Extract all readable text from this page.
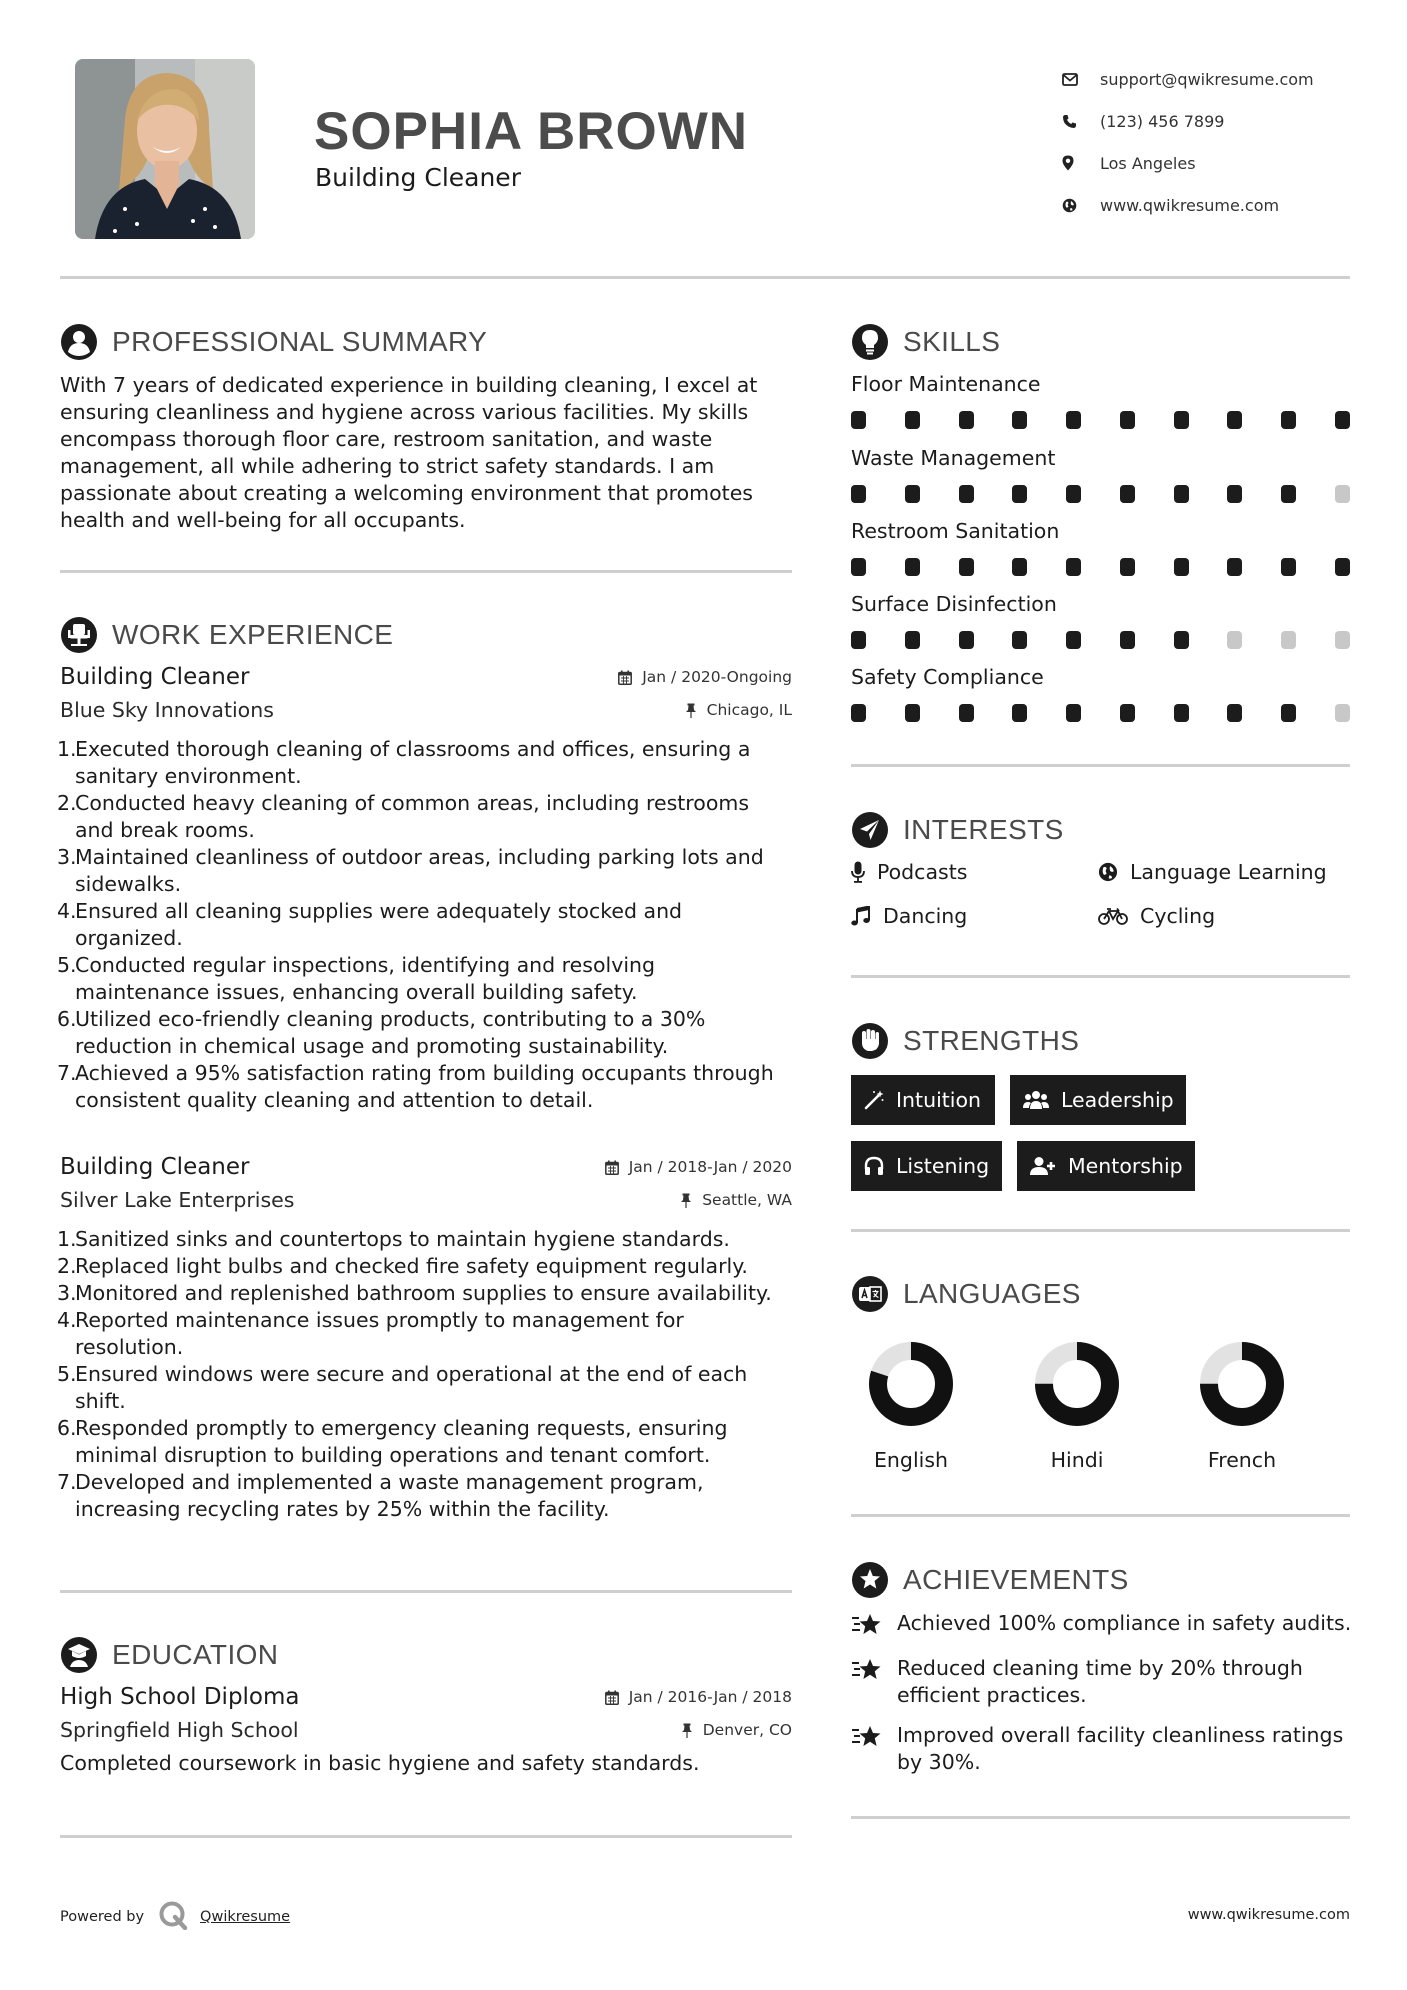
SOPHIA BROWN
Building Cleaner
support@qwikresume.com
(123) 456 7899
Los Angeles
www.qwikresume.com
PROFESSIONAL SUMMARY

With 7 years of dedicated experience in building cleaning, I excel at ensuring cleanliness and hygiene across various facilities. My skills encompass thorough floor care, restroom sanitation, and waste management, all while adhering to strict safety standards. I am passionate about creating a welcoming environment that promotes health and well-being for all occupants.

WORK EXPERIENCE
Building Cleaner	Jan / 2020-Ongoing
Blue Sky Innovations	Chicago, IL
1.
Executed thorough cleaning of classrooms and offices, ensuring a sanitary environment.
2.
Conducted heavy cleaning of common areas, including restrooms and break rooms.
3.
Maintained cleanliness of outdoor areas, including parking lots and sidewalks.
4.
Ensured all cleaning supplies were adequately stocked and organized.
5.
Conducted regular inspections, identifying and resolving maintenance issues, enhancing overall building safety.
6.
Utilized eco-friendly cleaning products, contributing to a 30% reduction in chemical usage and promoting sustainability.
7.
Achieved a 95% satisfaction rating from building occupants through consistent quality cleaning and attention to detail.
Building Cleaner	Jan / 2018-Jan / 2020
Silver Lake Enterprises	Seattle, WA
1.
Sanitized sinks and countertops to maintain hygiene standards.
2.
Replaced light bulbs and checked fire safety equipment regularly.
3.
Monitored and replenished bathroom supplies to ensure availability.
4.
Reported maintenance issues promptly to management for resolution.
5.
Ensured windows were secure and operational at the end of each shift.
6.
Responded promptly to emergency cleaning requests, ensuring minimal disruption to building operations and tenant comfort.
7.
Developed and implemented a waste management program, increasing recycling rates by 25% within the facility.
EDUCATION
High School Diploma	Jan / 2016-Jan / 2018
Springfield High School	Denver, CO

Completed coursework in basic hygiene and safety standards.

SKILLS
Floor Maintenance
Waste Management
Restroom Sanitation
Surface Disinfection
Safety Compliance
INTERESTS
Podcasts	Language Learning
Dancing	Cycling
STRENGTHS
Intuition	Leadership
Listening	Mentorship
LANGUAGES
English	Hindi	French
ACHIEVEMENTS
Achieved 100% compliance in safety audits.
Reduced cleaning time by 20% through efficient practices.
Improved overall facility cleanliness ratings by 30%.
Powered by	Qwikresume	www.qwikresume.com
